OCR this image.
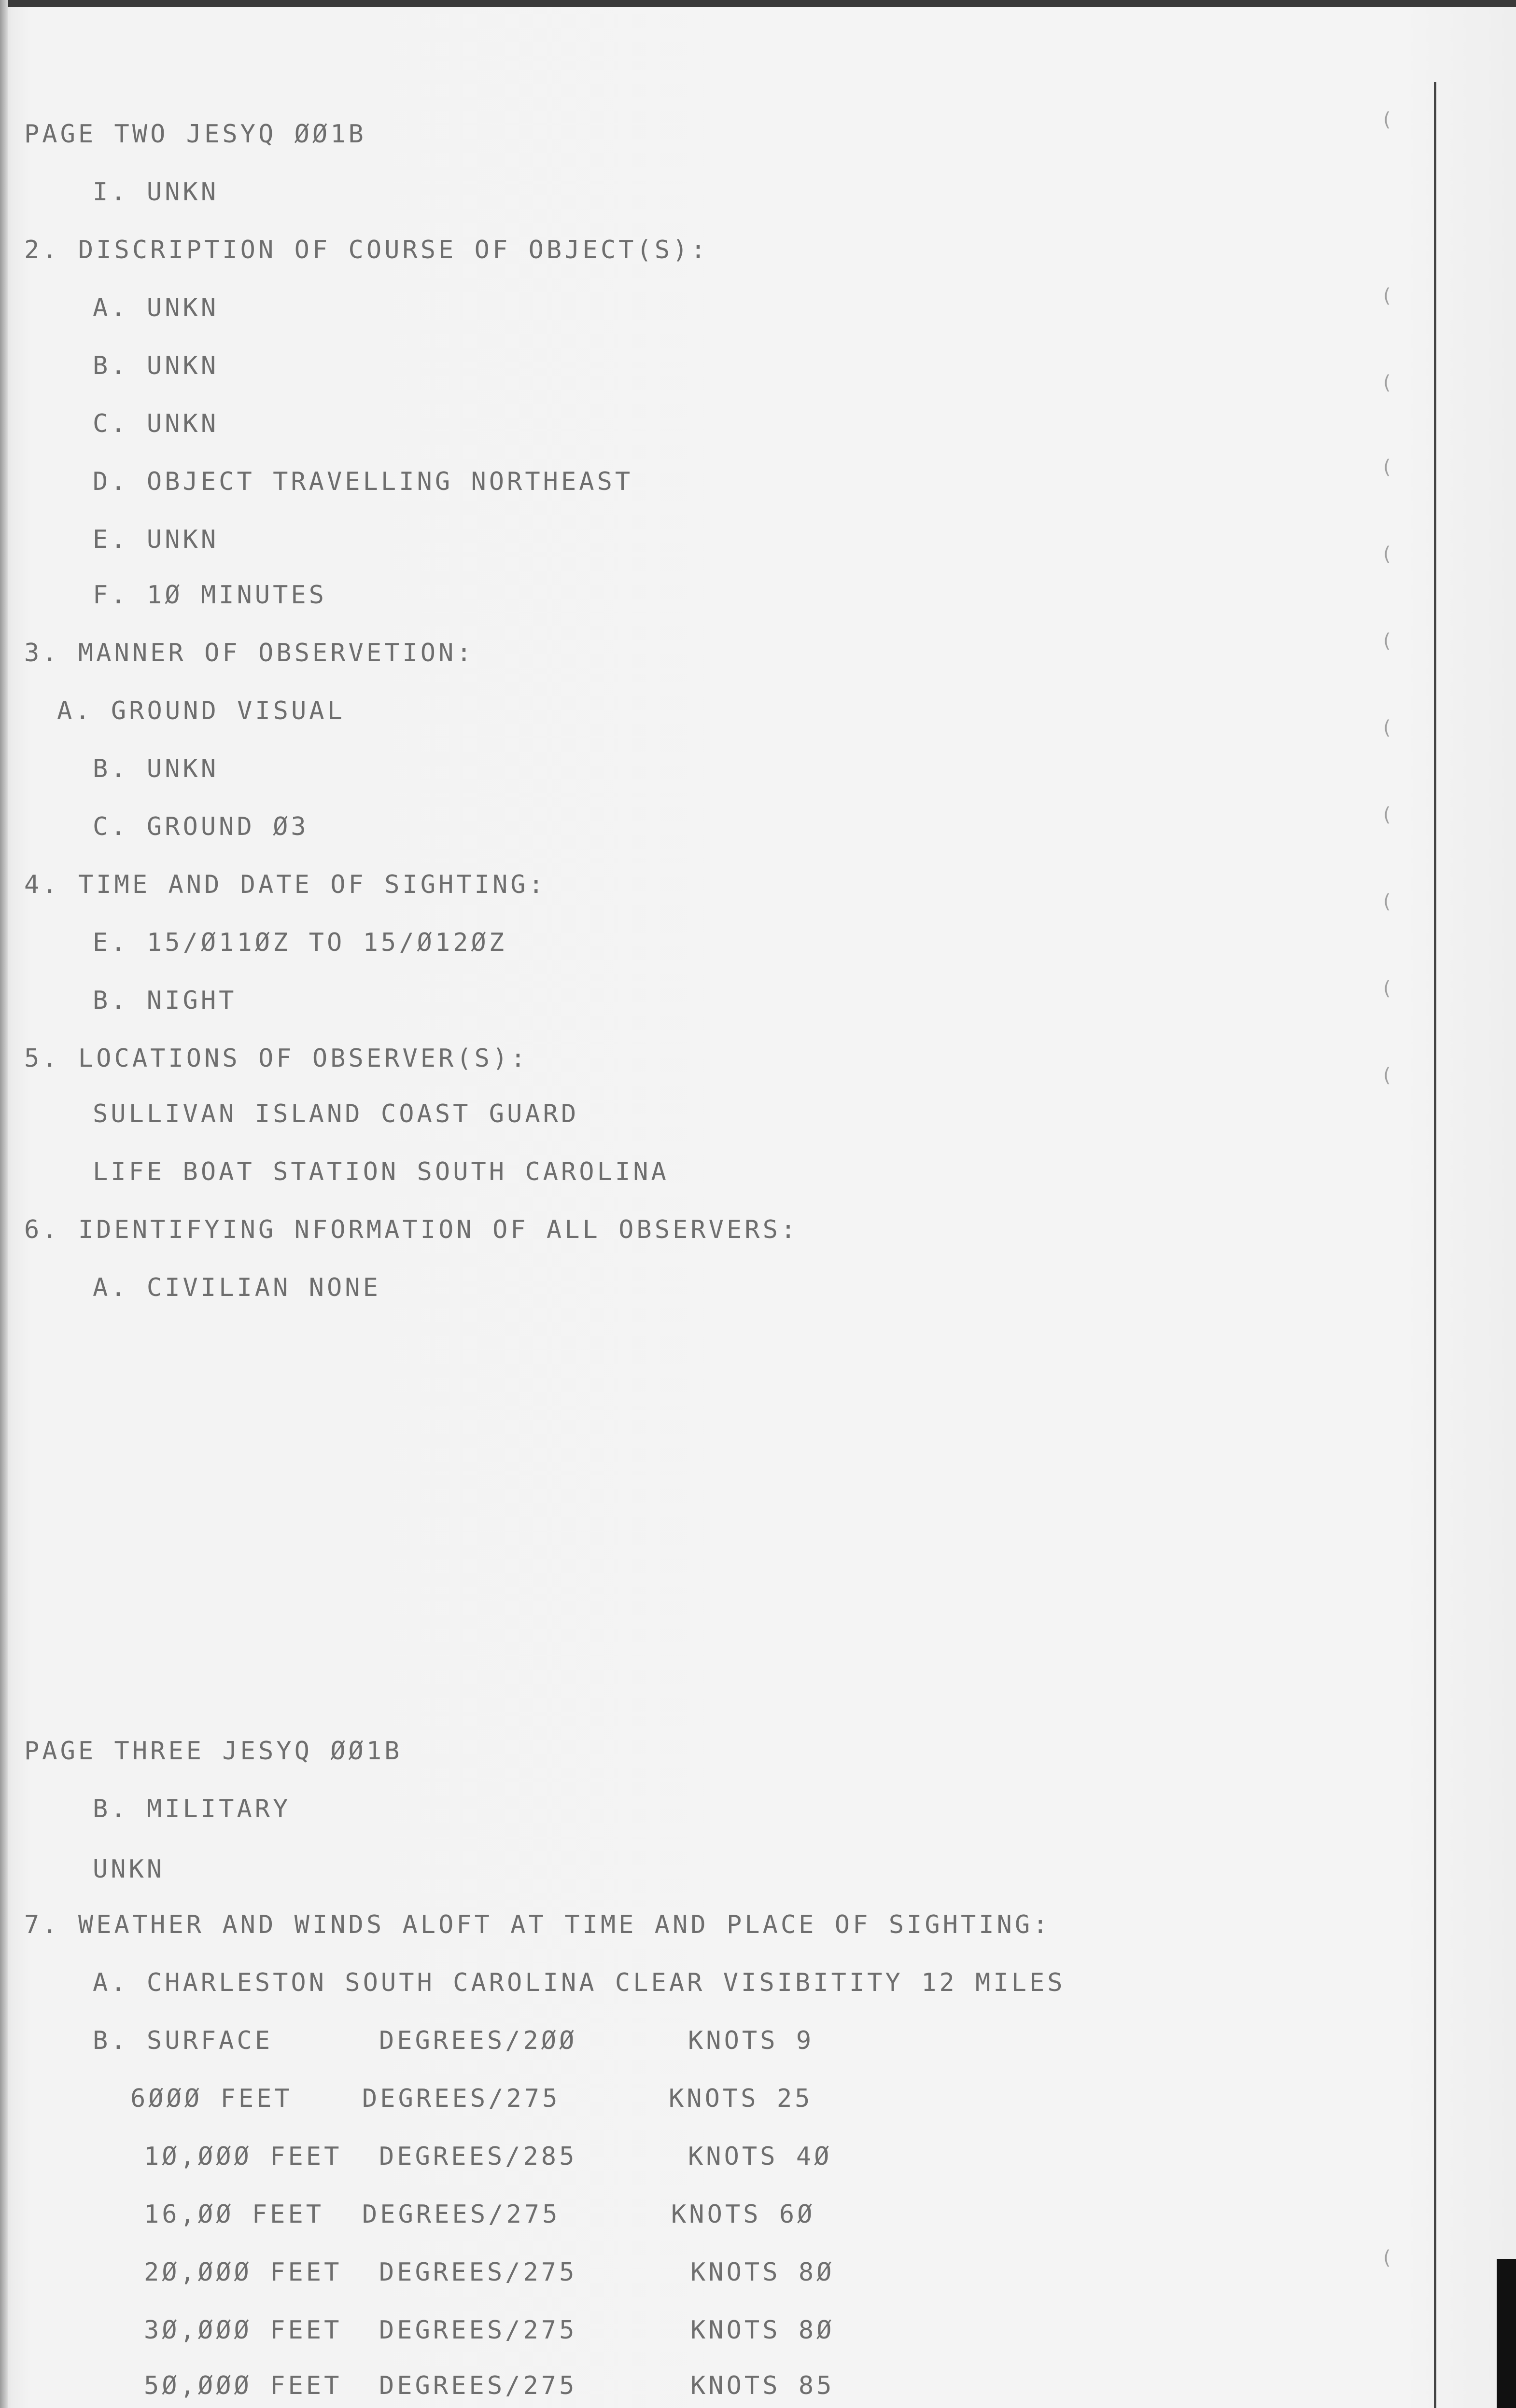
(
(
(
(
(
(
(
(
(
(
(
(
PAGE TWO JESYQ ØØ1B
I. UNKN
2. DISCRIPTION OF COURSE OF OBJECT(S):
A. UNKN
B. UNKN
C. UNKN
D. OBJECT TRAVELLING NORTHEAST
E. UNKN
F. 1Ø MINUTES
3. MANNER OF OBSERVETION:
A. GROUND VISUAL
B. UNKN
C. GROUND Ø3
4. TIME AND DATE OF SIGHTING:
E. 15/Ø11ØZ TO 15/Ø12ØZ
B. NIGHT
5. LOCATIONS OF OBSERVER(S):
SULLIVAN ISLAND COAST GUARD
LIFE BOAT STATION SOUTH CAROLINA
6. IDENTIFYING NFORMATION OF ALL OBSERVERS:
A. CIVILIAN NONE
PAGE THREE JESYQ ØØ1B
B. MILITARY
UNKN
7. WEATHER AND WINDS ALOFT AT TIME AND PLACE OF SIGHTING:
A. CHARLESTON SOUTH CAROLINA CLEAR VISIBITITY 12 MILES
B. SURFACE	DEGREES/2ØØ	KNOTS 9
6ØØØ FEET	DEGREES/275	KNOTS 25
1Ø,ØØØ FEET DEGREES/285	KNOTS 4Ø
16,ØØ FEET DEGREES/275	KNOTS 6Ø
2Ø,ØØØ FEET DEGREES/275	KNOTS 8Ø
3Ø,ØØØ FEET DEGREES/275	KNOTS 8Ø
5Ø,ØØØ FEET DEGREES/275	KNOTS 85
